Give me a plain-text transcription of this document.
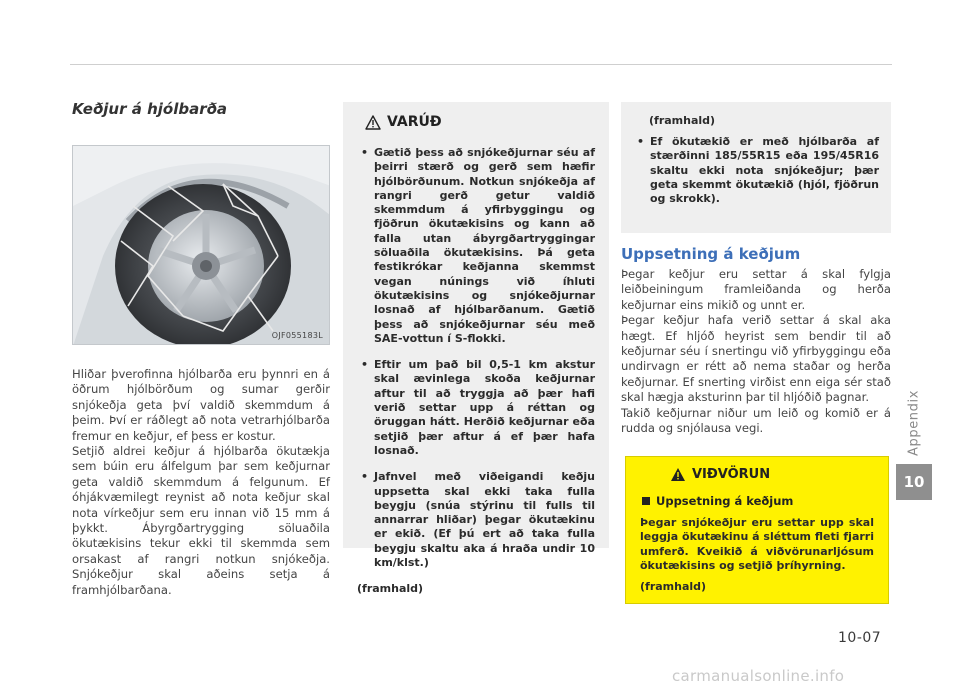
Keðjur á hjólbarða
OJF055183L

Hliðar þverofinna hjólbarða eru þynnri en á öðrum hjólbörðum og sumar gerðir snjókeðja geta því valdið skemmdum á þeim. Því er ráðlegt að nota vetrarhjólbarða fremur en keðjur, ef þess er kostur.

Setjið aldrei keðjur á hjólbarða ökutækja sem búin eru álfelgum þar sem keðjurnar geta valdið skemmdum á felgunum. Ef óhjákvæmilegt reynist að nota keðjur skal nota vírkeðjur sem eru innan við 15 mm á þykkt. Ábyrgðartrygging söluaðila ökutækisins tekur ekki til skemmda sem orsakast af rangri notkun snjókeðja. Snjókeðjur skal aðeins setja á framhjólbarðana.

VARÚÐ
• Gætið þess að snjókeðjurnar séu af þeirri stærð og gerð sem hæfir hjólbörðunum. Notkun snjókeðja af rangri gerð getur valdið skemmdum á yfirbyggingu og fjöðrun ökutækisins og kann að falla utan ábyrgðartryggingar söluaðila ökutækisins. Þá geta festikrókar keðjanna skemmst vegan núnings við íhluti ökutækisins og snjókeðjurnar losnað af hjólbarðanum. Gætið þess að snjókeðjurnar séu með SAE-vottun í S-flokki.
• Eftir um það bil 0,5-1 km akstur skal ævinlega skoða keðjurnar aftur til að tryggja að þær hafi verið settar upp á réttan og öruggan hátt. Herðið keðjurnar eða setjið þær aftur á ef þær hafa losnað.
• Jafnvel með viðeigandi keðju uppsetta skal ekki taka fulla beygju (snúa stýrinu til fulls til annarrar hliðar) þegar ökutækinu er ekið. (Ef þú ert að taka fulla beygju skaltu aka á hraða undir 10 km/klst.)
(framhald)
(framhald)
• Ef ökutækið er með hjólbarða af stærðinni 185/55R15 eða 195/45R16 skaltu ekki nota snjókeðjur; þær geta skemmt ökutækið (hjól, fjöðrun og skrokk).
Uppsetning á keðjum

Þegar keðjur eru settar á skal fylgja leiðbeiningum framleiðanda og herða keðjurnar eins mikið og unnt er.

Þegar keðjur hafa verið settar á skal aka hægt. Ef hljóð heyrist sem bendir til að keðjurnar séu í snertingu við yfirbyggingu eða undirvagn er rétt að nema staðar og herða keðjurnar. Ef snerting virðist enn eiga sér stað skal hægja aksturinn þar til hljóðið þagnar.

Takið keðjurnar niður um leið og komið er á rudda og snjólausa vegi.

VIÐVÖRUN
Uppsetning á keðjum
Þegar snjókeðjur eru settar upp skal leggja ökutækinu á sléttum fleti fjarri umferð. Kveikið á viðvörunarljósum ökutækisins og setjið þríhyrning.
(framhald)
Appendix
10
10-07
carmanualsonline.info
